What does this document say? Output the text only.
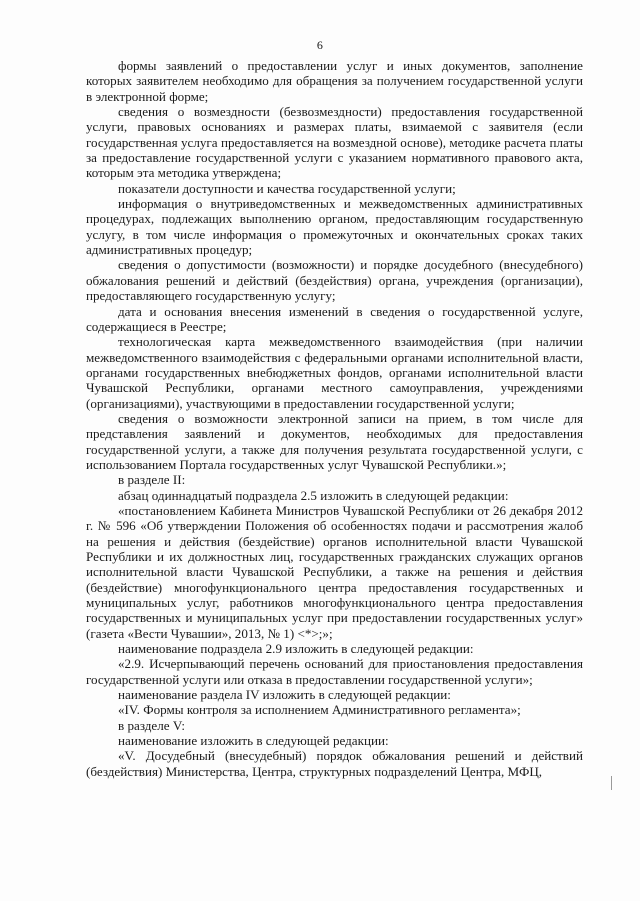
6

формы заявлений о предоставлении услуг и иных документов, заполнение которых заявителем необходимо для обращения за получением государственной услуги в электронной форме;

сведения о возмездности (безвозмездности) предоставления государственной услуги, правовых основаниях и размерах платы, взимаемой с заявителя (если государственная услуга предоставляется на возмездной основе), методике расчета платы за предоставление государственной услуги с указанием нормативного правового акта, которым эта методика утверждена;

показатели доступности и качества государственной услуги;

информация о внутриведомственных и межведомственных административных процедурах, подлежащих выполнению органом, предоставляющим государственную услугу, в том числе информация о промежуточных и окончательных сроках таких административных процедур;

сведения о допустимости (возможности) и порядке досудебного (внесудебного) обжалования решений и действий (бездействия) органа, учреждения (организации), предоставляющего государственную услугу;

дата и основания внесения изменений в сведения о государственной услуге, содержащиеся в Реестре;

технологическая карта межведомственного взаимодействия (при наличии межведомственного взаимодействия с федеральными органами исполнительной власти, органами государственных внебюджетных фондов, органами исполнительной власти Чувашской Республики, органами местного самоуправления, учреждениями (организациями), участвующими в предоставлении государственной услуги;

сведения о возможности электронной записи на прием, в том числе для представления заявлений и документов, необходимых для предоставления государственной услуги, а также для получения результата государственной услуги, с использованием Портала государственных услуг Чувашской Республики.»;

в разделе II:

абзац одиннадцатый подраздела 2.5 изложить в следующей редакции:

«постановлением Кабинета Министров Чувашской Республики от 26 декабря 2012 г. № 596 «Об утверждении Положения об особенностях подачи и рассмотрения жалоб на решения и действия (бездействие) органов исполнительной власти Чувашской Республики и их должностных лиц, государственных гражданских служащих органов исполнительной власти Чувашской Республики, а также на решения и действия (бездействие) многофункционального центра предоставления государственных и муниципальных услуг, работников многофункционального центра предоставления государственных и муниципальных услуг при предоставлении государственных услуг» (газета «Вести Чувашии», 2013, № 1) <*>;»;

наименование подраздела 2.9 изложить в следующей редакции:

«2.9. Исчерпывающий перечень оснований для приостановления предоставления государственной услуги или отказа в предоставлении государственной услуги»;

наименование раздела IV изложить в следующей редакции:

«IV. Формы контроля за исполнением Административного регламента»;

в разделе V:

наименование изложить в следующей редакции:

«V. Досудебный (внесудебный) порядок обжалования решений и действий (бездействия) Министерства, Центра, структурных подразделений Центра, МФЦ,
